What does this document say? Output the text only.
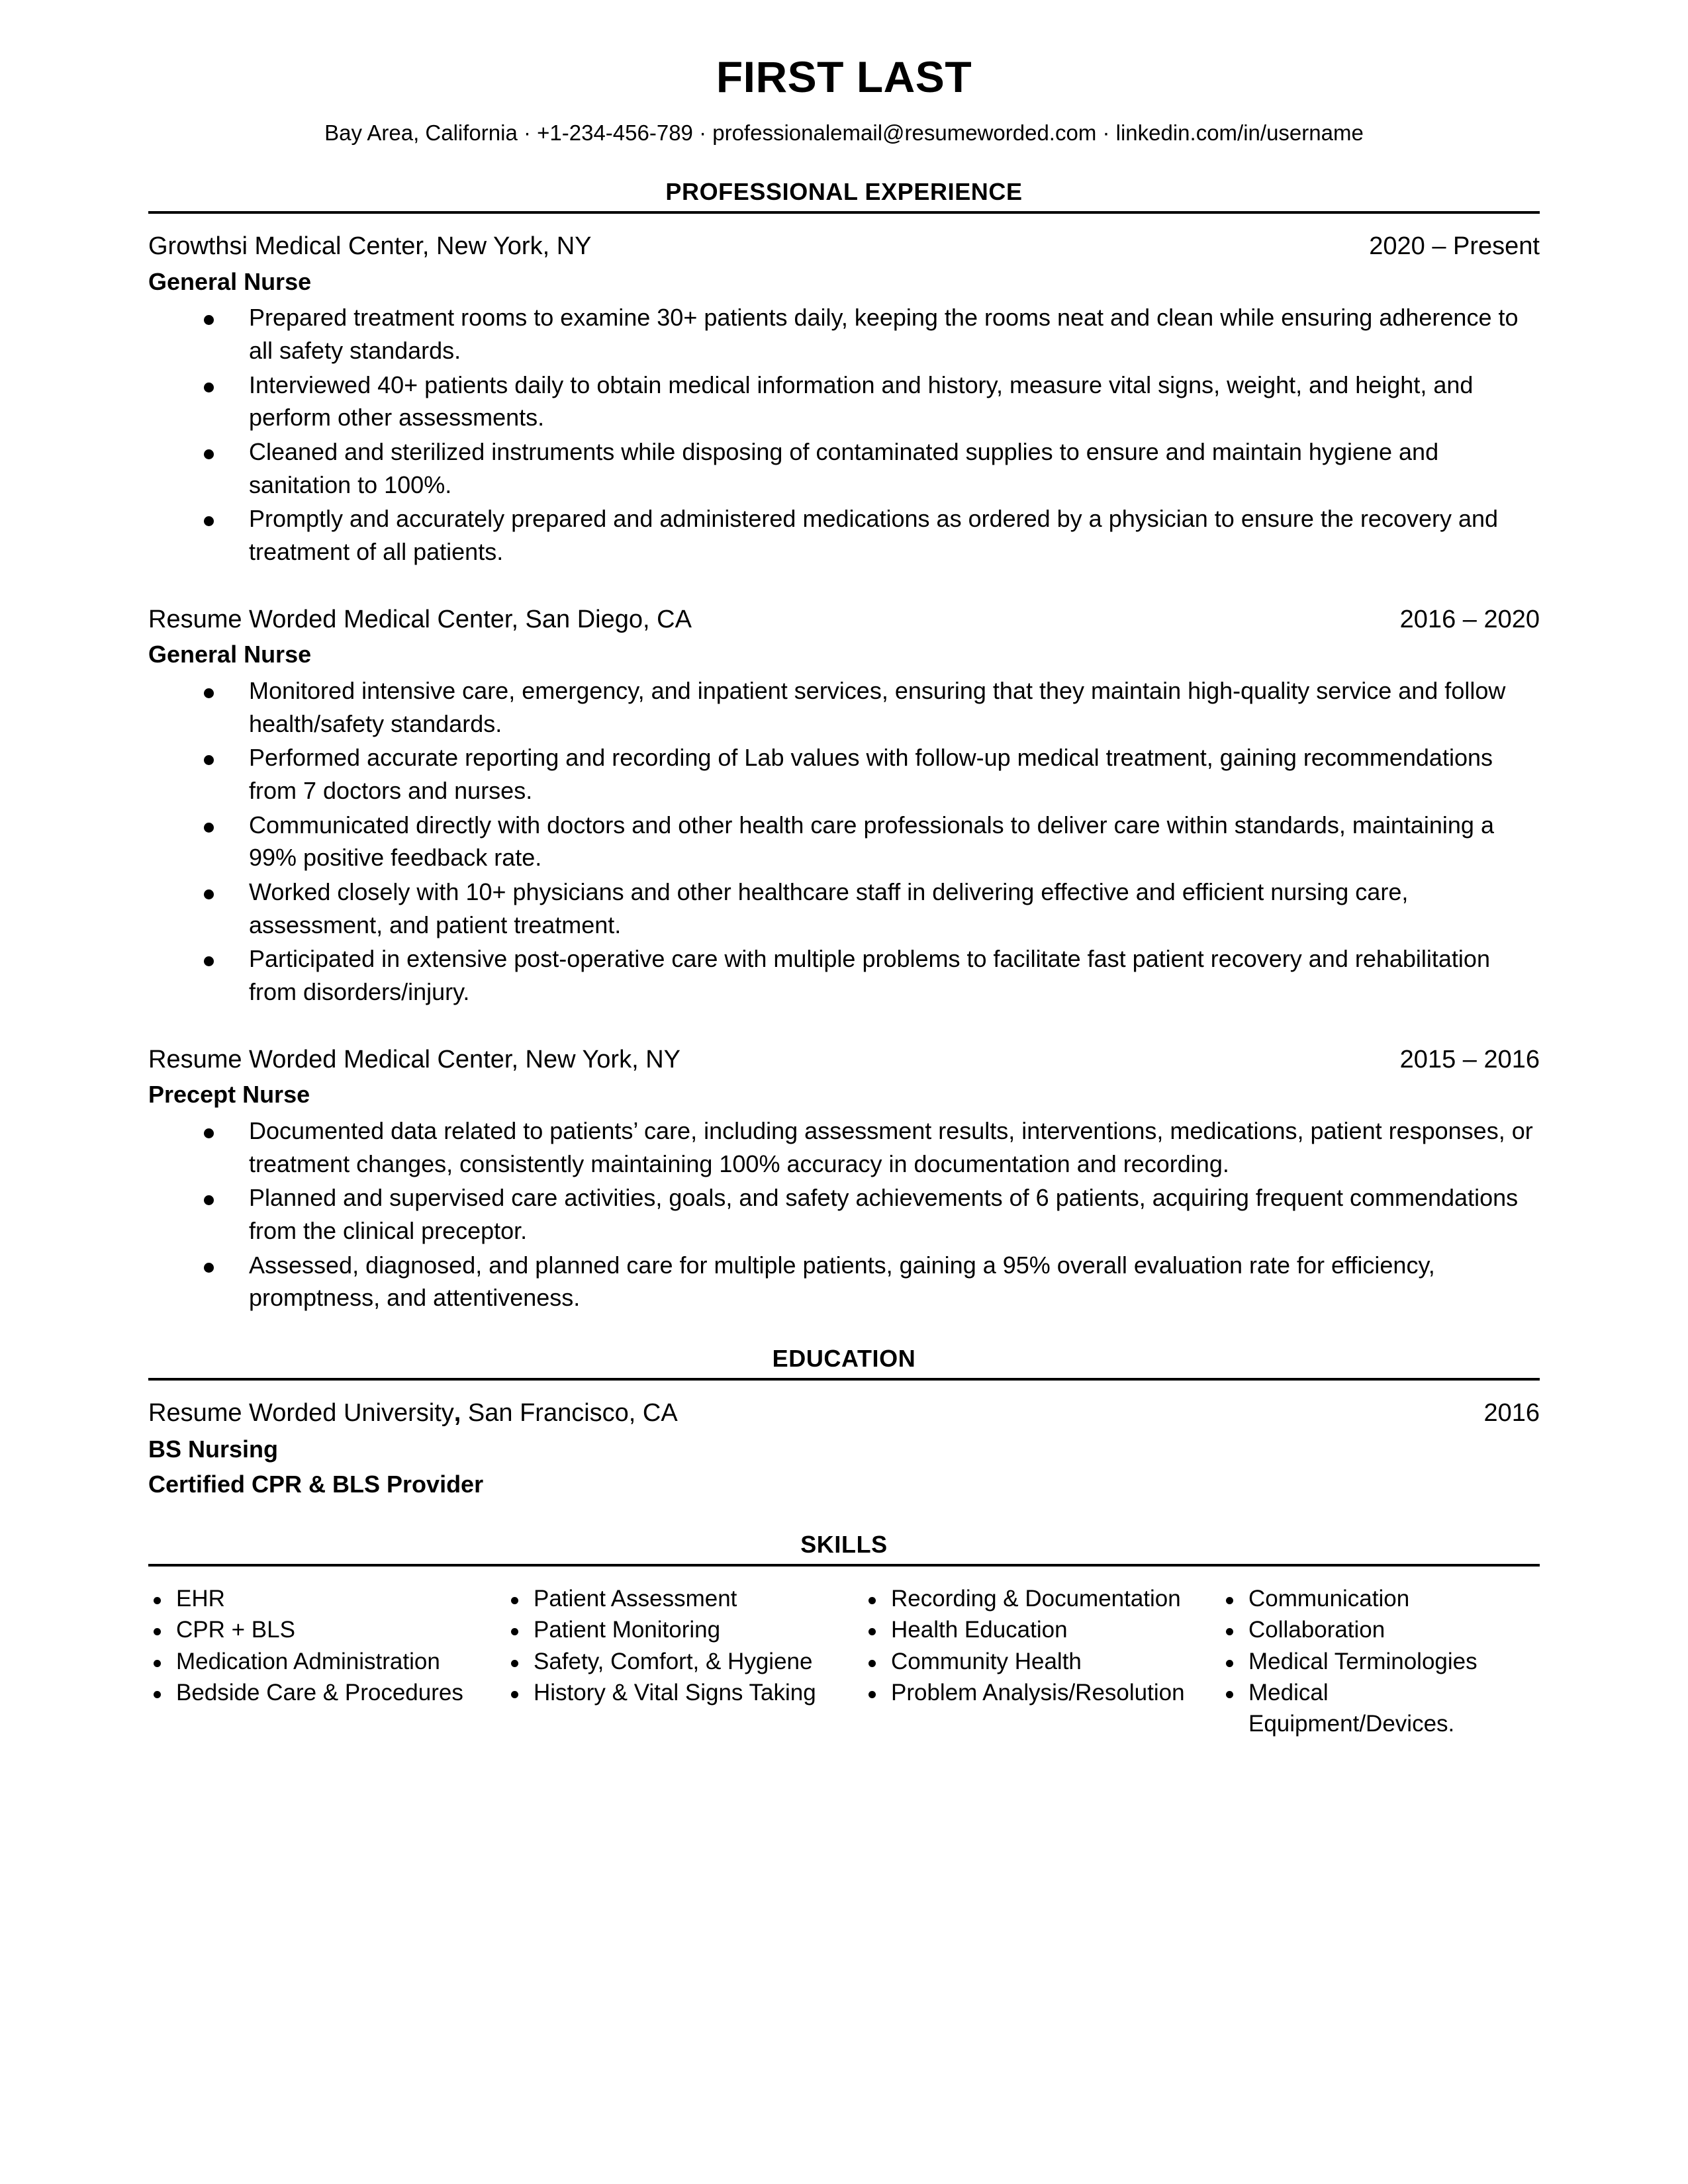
FIRST LAST
Bay Area, California · +1-234-456-789 · professionalemail@resumeworded.com · linkedin.com/in/username
PROFESSIONAL EXPERIENCE
Growthsi Medical Center, New York, NY	2020 – Present
General Nurse
Prepared treatment rooms to examine 30+ patients daily, keeping the rooms neat and clean while ensuring adherence to all safety standards.
Interviewed 40+ patients daily to obtain medical information and history, measure vital signs, weight, and height, and perform other assessments.
Cleaned and sterilized instruments while disposing of contaminated supplies to ensure and maintain hygiene and sanitation to 100%.
Promptly and accurately prepared and administered medications as ordered by a physician to ensure the recovery and treatment of all patients.
Resume Worded Medical Center, San Diego, CA	2016 – 2020
General Nurse
Monitored intensive care, emergency, and inpatient services, ensuring that they maintain high-quality service and follow health/safety standards.
Performed accurate reporting and recording of Lab values with follow-up medical treatment, gaining recommendations from 7 doctors and nurses.
Communicated directly with doctors and other health care professionals to deliver care within standards, maintaining a 99% positive feedback rate.
Worked closely with 10+ physicians and other healthcare staff in delivering effective and efficient nursing care, assessment, and patient treatment.
Participated in extensive post-operative care with multiple problems to facilitate fast patient recovery and rehabilitation from disorders/injury.
Resume Worded Medical Center, New York, NY	2015 – 2016
Precept Nurse
Documented data related to patients’ care, including assessment results, interventions, medications, patient responses, or treatment changes, consistently maintaining 100% accuracy in documentation and recording.
Planned and supervised care activities, goals, and safety achievements of 6 patients, acquiring frequent commendations from the clinical preceptor.
Assessed, diagnosed, and planned care for multiple patients, gaining a 95% overall evaluation rate for efficiency, promptness, and attentiveness.
EDUCATION
Resume Worded University, San Francisco, CA	2016
BS Nursing
Certified CPR & BLS Provider
SKILLS
EHR
CPR + BLS
Medication Administration
Bedside Care & Procedures
Patient Assessment
Patient Monitoring
Safety, Comfort, & Hygiene
History & Vital Signs Taking
Recording & Documentation
Health Education
Community Health
Problem Analysis/Resolution
Communication
Collaboration
Medical Terminologies
Medical Equipment/Devices.
